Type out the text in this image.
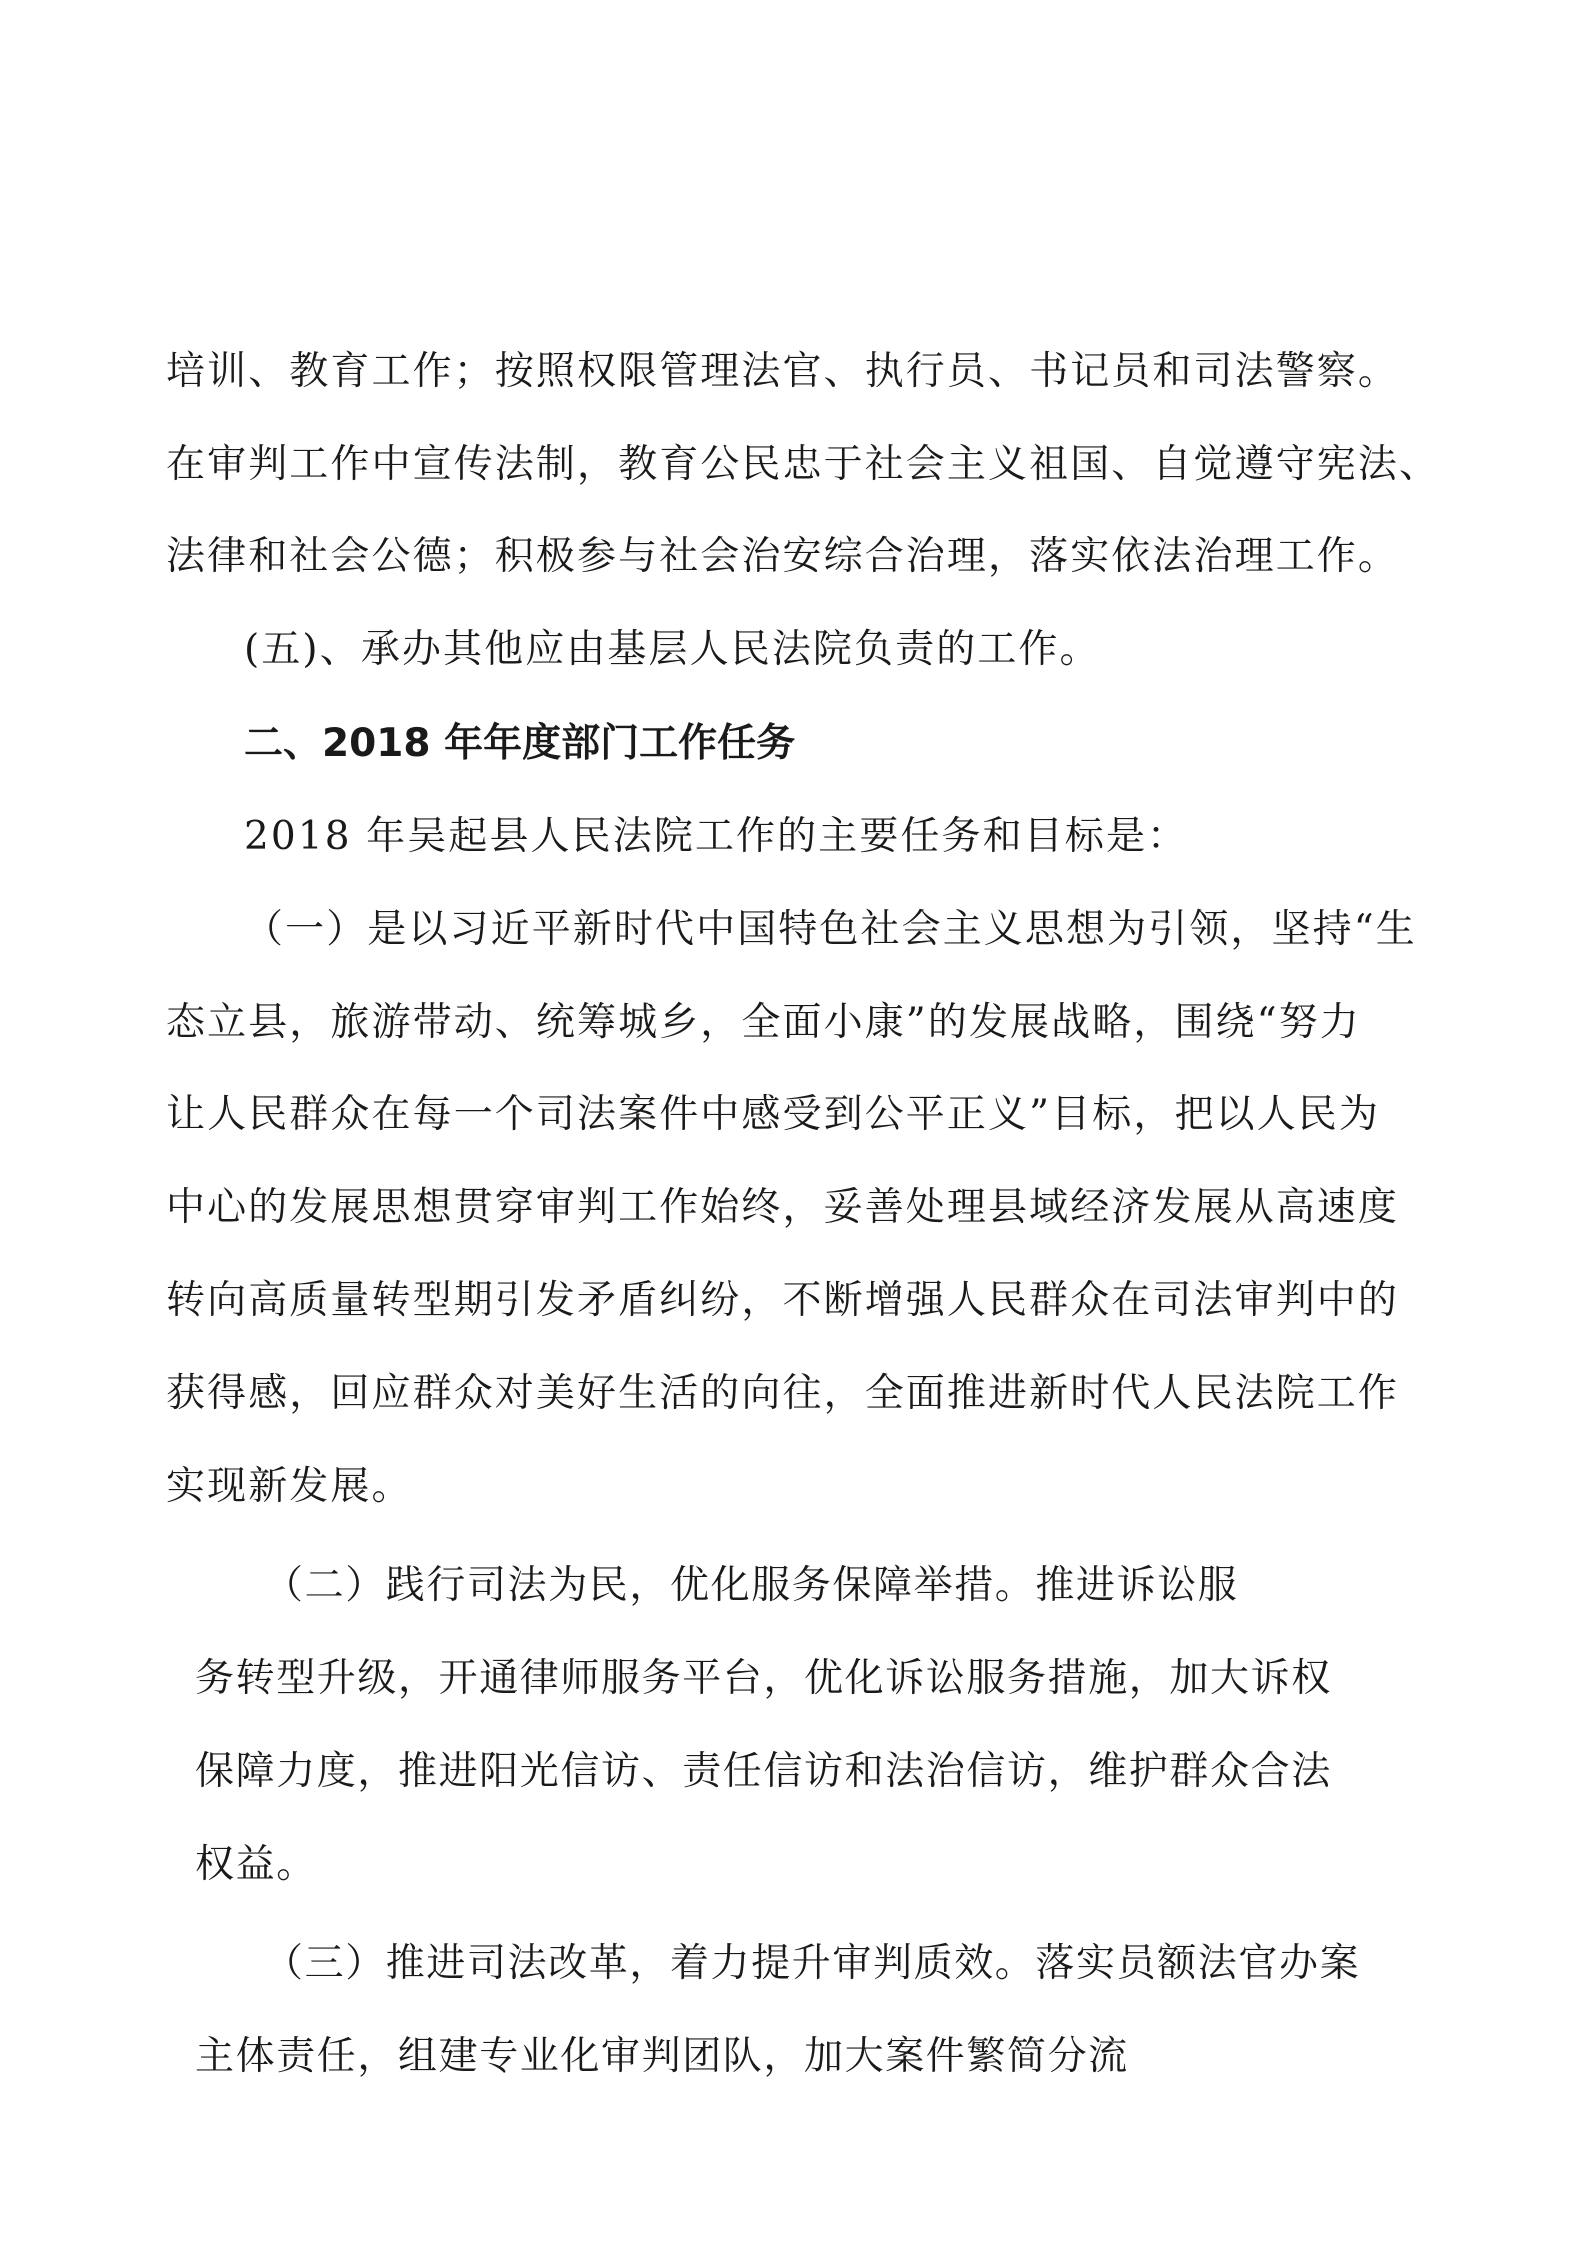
培训、教育工作；按照权限管理法官、执行员、书记员和司法警察。
在审判工作中宣传法制，教育公民忠于社会主义祖国、自觉遵守宪法、
法律和社会公德；积极参与社会治安综合治理，落实依法治理工作。
(五)、承办其他应由基层人民法院负责的工作。
二、2018 年年度部门工作任务
2018 年吴起县人民法院工作的主要任务和目标是：
（一）是以习近平新时代中国特色社会主义思想为引领，坚持“生
态立县，旅游带动、统筹城乡，全面小康”的发展战略，围绕“努力
让人民群众在每一个司法案件中感受到公平正义”目标，把以人民为
中心的发展思想贯穿审判工作始终，妥善处理县域经济发展从高速度
转向高质量转型期引发矛盾纠纷，不断增强人民群众在司法审判中的
获得感，回应群众对美好生活的向往，全面推进新时代人民法院工作
实现新发展。
（二）践行司法为民，优化服务保障举措。推进诉讼服
务转型升级，开通律师服务平台，优化诉讼服务措施，加大诉权
保障力度，推进阳光信访、责任信访和法治信访，维护群众合法
权益。
（三）推进司法改革，着力提升审判质效。落实员额法官办案
主体责任，组建专业化审判团队，加大案件繁简分流
